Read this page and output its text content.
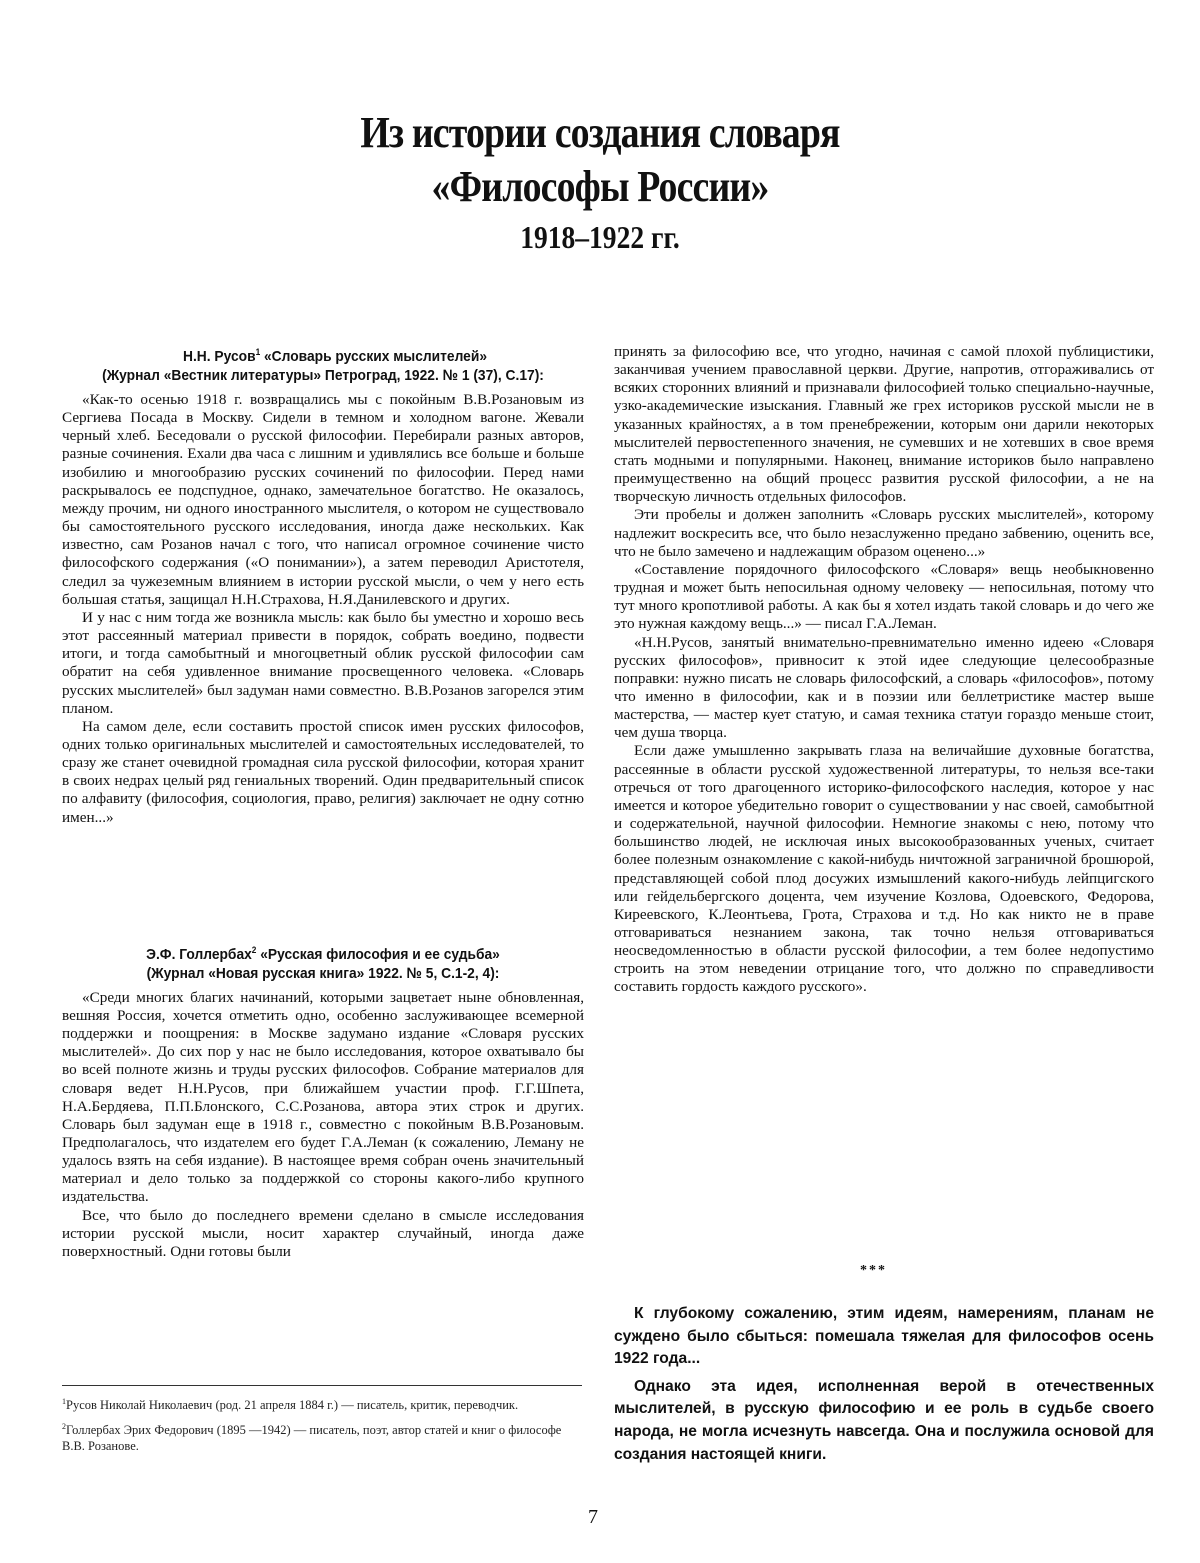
Из истории создания словаря
«Философы России»
1918–1922 гг.

Н.Н. Русов$^1$ «Словарь русских мыслителей»

(Журнал «Вестник литературы» Петроград, 1922. № 1 (37), С.17):

«Как-то осенью 1918 г. возвращались мы с покойным В.В.Розановым из Сергиева Посада в Москву. Сидели в темном и холодном вагоне. Жевали черный хлеб. Беседовали о русской философии. Перебирали разных авторов, разные сочинения. Ехали два часа с лишним и удивлялись все больше и больше изобилию и многообразию русских сочинений по философии. Перед нами раскрывалось ее подспудное, однако, замечательное богатство. Не оказалось, между прочим, ни одного иностранного мыслителя, о котором не существовало бы самостоятельного русского исследования, иногда даже нескольких. Как известно, сам Розанов начал с того, что написал огромное сочинение чисто философского содержания («О понимании»), а затем переводил Аристотеля, следил за чужеземным влиянием в истории русской мысли, о чем у него есть большая статья, защищал Н.Н.Страхова, Н.Я.Данилевского и других.

И у нас с ним тогда же возникла мысль: как было бы уместно и хорошо весь этот рассеянный материал привести в порядок, собрать воедино, подвести итоги, и тогда самобытный и многоцветный облик русской философии сам обратит на себя удивленное внимание просвещенного человека. «Словарь русских мыслителей» был задуман нами совместно. В.В.Розанов загорелся этим планом.

На самом деле, если составить простой список имен русских философов, одних только оригинальных мыслителей и самостоятельных исследователей, то сразу же станет очевидной громадная сила русской философии, которая хранит в своих недрах целый ряд гениальных творений. Один предварительный список по алфавиту (философия, социология, право, религия) заключает не одну сотню имен...»

Э.Ф. Голлербах$^2$ «Русская философия и ее судьба»

(Журнал «Новая русская книга» 1922. № 5, С.1-2, 4):

«Среди многих благих начинаний, которыми зацветает ныне обновленная, вешняя Россия, хочется отметить одно, особенно заслуживающее всемерной поддержки и поощрения: в Москве задумано издание «Словаря русских мыслителей». До сих пор у нас не было исследования, которое охватывало бы во всей полноте жизнь и труды русских философов. Собрание материалов для словаря ведет Н.Н.Русов, при ближайшем участии проф. Г.Г.Шпета, Н.А.Бердяева, П.П.Блонского, С.С.Розанова, автора этих строк и других. Словарь был задуман еще в 1918 г., совместно с покойным В.В.Розановым. Предполагалось, что издателем его будет Г.А.Леман (к сожалению, Леману не удалось взять на себя издание). В настоящее время собран очень значительный материал и дело только за поддержкой со стороны какого-либо крупного издательства.

Все, что было до последнего времени сделано в смысле исследования истории русской мысли, носит характер случайный, иногда даже поверхностный. Одни готовы были

$^1$Русов Николай Николаевич (род. 21 апреля 1884 г.) — писатель, критик, переводчик.

$^2$Голлербах Эрих Федорович (1895 —1942) — писатель, поэт, автор статей и книг о философе В.В. Розанове.

принять за философию все, что угодно, начиная с самой плохой публицистики, заканчивая учением православной церкви. Другие, напротив, отгораживались от всяких сторонних влияний и признавали философией только специально-научные, узко-академические изыскания. Главный же грех историков русской мысли не в указанных крайностях, а в том пренебрежении, которым они дарили некоторых мыслителей первостепенного значения, не сумевших и не хотевших в свое время стать модными и популярными. Наконец, внимание историков было направлено преимущественно на общий процесс развития русской философии, а не на творческую личность отдельных философов.

Эти пробелы и должен заполнить «Словарь русских мыслителей», которому надлежит воскресить все, что было незаслуженно предано забвению, оценить все, что не было замечено и надлежащим образом оценено...»

«Составление порядочного философского «Словаря» вещь необыкновенно трудная и может быть непосильная одному человеку — непосильная, потому что тут много кропотливой работы. А как бы я хотел издать такой словарь и до чего же это нужная каждому вещь...» — писал Г.А.Леман.

«Н.Н.Русов, занятый внимательно-превнимательно именно идеею «Словаря русских философов», привносит к этой идее следующие целесообразные поправки: нужно писать не словарь философский, а словарь «философов», потому что именно в философии, как и в поэзии или беллетристике мастер выше мастерства, — мастер кует статую, и самая техника статуи гораздо меньше стоит, чем душа творца.

Если даже умышленно закрывать глаза на величайшие духовные богатства, рассеянные в области русской художественной литературы, то нельзя все-таки отречься от того драгоценного историко-философского наследия, которое у нас имеется и которое убедительно говорит о существовании у нас своей, самобытной и содержательной, научной философии. Немногие знакомы с нею, потому что большинство людей, не исключая иных высокообразованных ученых, считает более полезным ознакомление с какой-нибудь ничтожной заграничной брошюрой, представляющей собой плод досужих измышлений какого-нибудь лейпцигского или гейдельбергского доцента, чем изучение Козлова, Одоевского, Федорова, Киреевского, К.Леонтьева, Грота, Страхова и т.д. Но как никто не в праве отговариваться незнанием закона, так точно нельзя отговариваться неосведомленностью в области русской философии, а тем более недопустимо строить на этом неведении отрицание того, что должно по справедливости составить гордость каждого русского».

***

К глубокому сожалению, этим идеям, намерениям, планам не суждено было сбыться: помешала тяжелая для философов осень 1922 года...

Однако эта идея, исполненная верой в отечественных мыслителей, в русскую философию и ее роль в судьбе своего народа, не могла исчезнуть навсегда. Она и послужила основой для создания настоящей книги.

7
